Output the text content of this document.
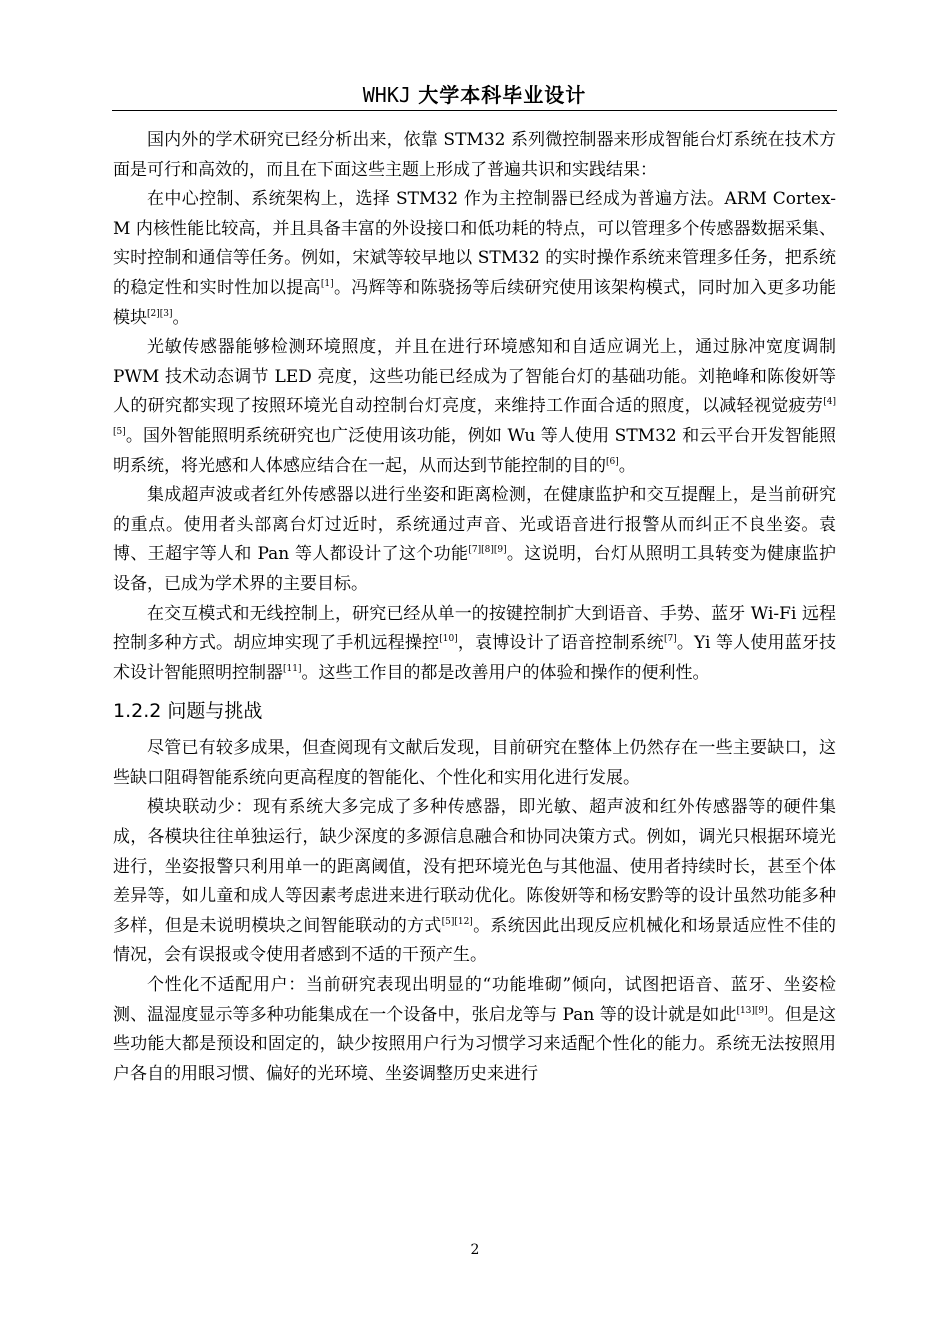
WHKJ 大学本科毕业设计

国内外的学术研究已经分析出来，依靠 STM32 系列微控制器来形成智能台灯系统在技术方面是可行和高效的，而且在下面这些主题上形成了普遍共识和实践结果：

在中心控制、系统架构上，选择 STM32 作为主控制器已经成为普遍方法。ARM Cortex-M 内核性能比较高，并且具备丰富的外设接口和低功耗的特点，可以管理多个传感器数据采集、实时控制和通信等任务。例如，宋斌等较早地以 STM32 的实时操作系统来管理多任务，把系统的稳定性和实时性加以提高[1]。冯辉等和陈骁扬等后续研究使用该架构模式，同时加入更多功能模块[2][3]。

光敏传感器能够检测环境照度，并且在进行环境感知和自适应调光上，通过脉冲宽度调制 PWM 技术动态调节 LED 亮度，这些功能已经成为了智能台灯的基础功能。刘艳峰和陈俊妍等人的研究都实现了按照环境光自动控制台灯亮度，来维持工作面合适的照度，以减轻视觉疲劳[4][5]。国外智能照明系统研究也广泛使用该功能，例如 Wu 等人使用 STM32 和云平台开发智能照明系统，将光感和人体感应结合在一起，从而达到节能控制的目的[6]。

集成超声波或者红外传感器以进行坐姿和距离检测，在健康监护和交互提醒上，是当前研究的重点。使用者头部离台灯过近时，系统通过声音、光或语音进行报警从而纠正不良坐姿。袁博、王超宇等人和 Pan 等人都设计了这个功能[7][8][9]。这说明，台灯从照明工具转变为健康监护设备，已成为学术界的主要目标。

在交互模式和无线控制上，研究已经从单一的按键控制扩大到语音、手势、蓝牙 Wi-Fi 远程控制多种方式。胡应坤实现了手机远程操控[10]，袁博设计了语音控制系统[7]。Yi 等人使用蓝牙技术设计智能照明控制器[11]。这些工作目的都是改善用户的体验和操作的便利性。

1.2.2 问题与挑战

尽管已有较多成果，但查阅现有文献后发现，目前研究在整体上仍然存在一些主要缺口，这些缺口阻碍智能系统向更高程度的智能化、个性化和实用化进行发展。

模块联动少：现有系统大多完成了多种传感器，即光敏、超声波和红外传感器等的硬件集成，各模块往往单独运行，缺少深度的多源信息融合和协同决策方式。例如，调光只根据环境光进行，坐姿报警只利用单一的距离阈值，没有把环境光色与其他温、使用者持续时长，甚至个体差异等，如儿童和成人等因素考虑进来进行联动优化。陈俊妍等和杨安黔等的设计虽然功能多种多样，但是未说明模块之间智能联动的方式[5][12]。系统因此出现反应机械化和场景适应性不佳的情况，会有误报或令使用者感到不适的干预产生。

个性化不适配用户：当前研究表现出明显的“功能堆砌”倾向，试图把语音、蓝牙、坐姿检测、温湿度显示等多种功能集成在一个设备中，张启龙等与 Pan 等的设计就是如此[13][9]。但是这些功能大都是预设和固定的，缺少按照用户行为习惯学习来适配个性化的能力。系统无法按照用户各自的用眼习惯、偏好的光环境、坐姿调整历史来进行

2
